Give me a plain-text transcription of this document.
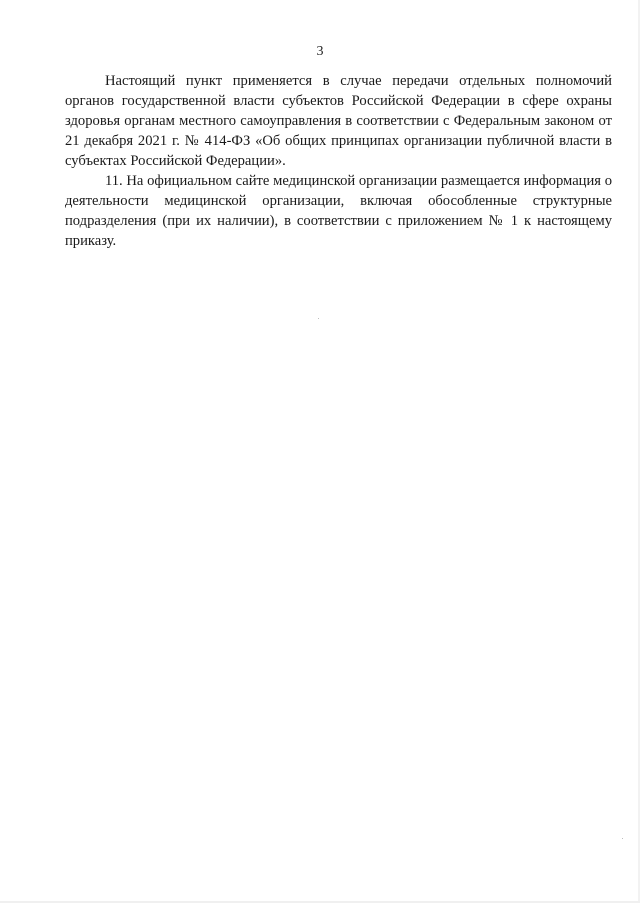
3

Настоящий пункт применяется в случае передачи отдельных полномочий органов государственной власти субъектов Российской Федерации в сфере охраны здоровья органам местного самоуправления в соответствии с Федеральным законом от 21 декабря 2021 г. № 414-ФЗ «Об общих принципах организации публичной власти в субъектах Российской Федерации».

11. На официальном сайте медицинской организации размещается информация о деятельности медицинской организации, включая обособленные структурные подразделения (при их наличии), в соответствии с приложением № 1 к настоящему приказу.
